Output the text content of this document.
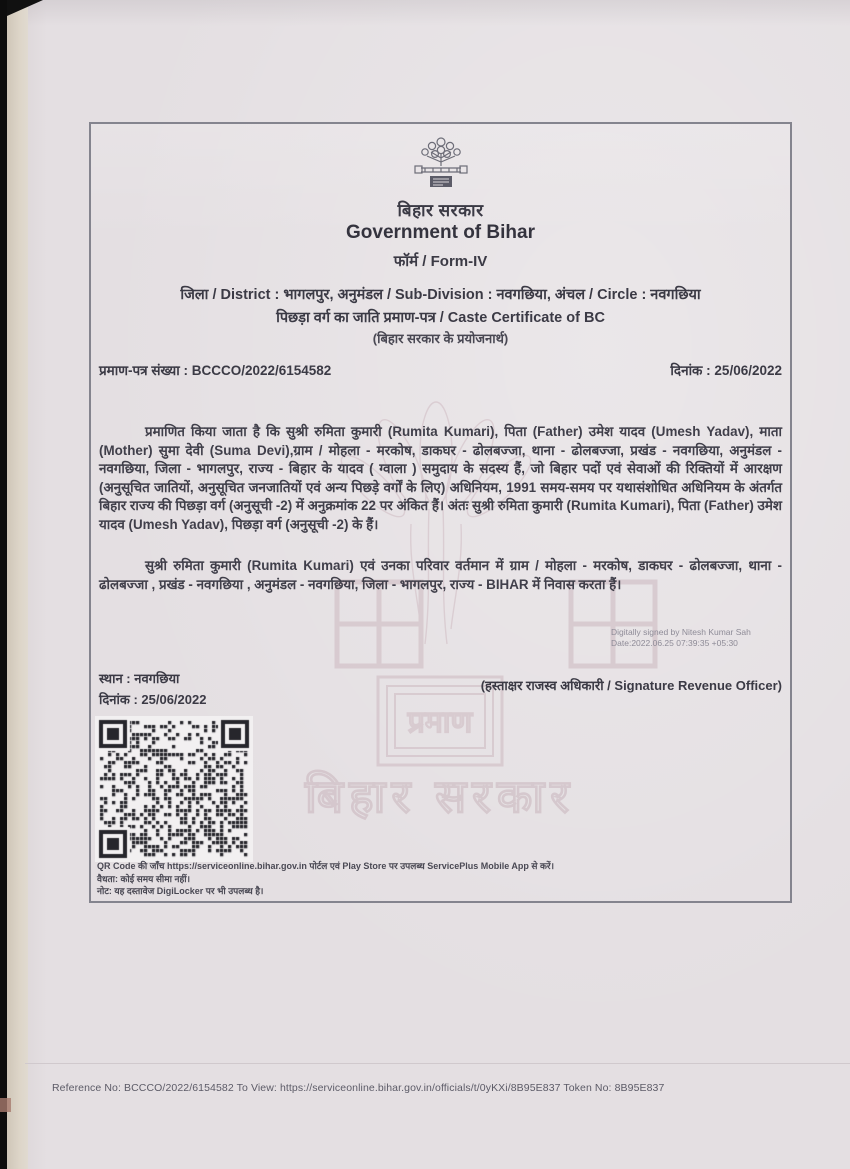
प्रमाण
बिहार सरकार
बिहार सरकार
Government of Bihar
फॉर्म / Form-IV
जिला / District : भागलपुर, अनुमंडल / Sub-Division : नवगछिया, अंचल / Circle : नवगछिया
पिछड़ा वर्ग का जाति प्रमाण-पत्र / Caste Certificate of BC
(बिहार सरकार के प्रयोजनार्थ)
प्रमाण-पत्र संख्या : BCCCO/2022/6154582	दिनांक : 25/06/2022

प्रमाणित किया जाता है कि सुश्री रुमिता कुमारी (Rumita Kumari), पिता (Father) उमेश यादव (Umesh Yadav), माता (Mother) सुमा देवी (Suma Devi),ग्राम / मोहला - मरकोष, डाकघर - ढोलबज्जा, थाना - ढोलबज्जा, प्रखंड - नवगछिया, अनुमंडल - नवगछिया, जिला - भागलपुर, राज्य - बिहार के यादव ( ग्वाला ) समुदाय के सदस्य हैं, जो बिहार पदों एवं सेवाओं की रिक्तियों में आरक्षण (अनुसूचित जातियों, अनुसूचित जनजातियों एवं अन्य पिछड़े वर्गों के लिए) अधिनियम, 1991 समय-समय पर यथासंशोधित अधिनियम के अंतर्गत बिहार राज्य की पिछड़ा वर्ग (अनुसूची -2) में अनुक्रमांक 22 पर अंकित हैं। अंतः सुश्री रुमिता कुमारी (Rumita Kumari), पिता (Father) उमेश यादव (Umesh Yadav), पिछड़ा वर्ग (अनुसूची -2) के हैं।

सुश्री रुमिता कुमारी (Rumita Kumari) एवं उनका परिवार वर्तमान में ग्राम / मोहला - मरकोष, डाकघर - ढोलबज्जा, थाना - ढोलबज्जा , प्रखंड - नवगछिया , अनुमंडल - नवगछिया, जिला - भागलपुर, राज्य - BIHAR में निवास करता हैं।

Digitally signed by Nitesh Kumar Sah
Date:2022.06.25 07:39:35 +05:30
स्थान : नवगछिया
दिनांक : 25/06/2022
(हस्ताक्षर राजस्व अधिकारी / Signature Revenue Officer)
QR Code की जाँच https://serviceonline.bihar.gov.in पोर्टल एवं Play Store पर उपलब्ध ServicePlus Mobile App से करें।
वैधता: कोई समय सीमा नहीं।
नोट: यह दस्तावेज DigiLocker पर भी उपलब्ध है।
Reference No: BCCCO/2022/6154582 To View: https://serviceonline.bihar.gov.in/officials/t/0yKXi/8B95E837 Token No: 8B95E837
